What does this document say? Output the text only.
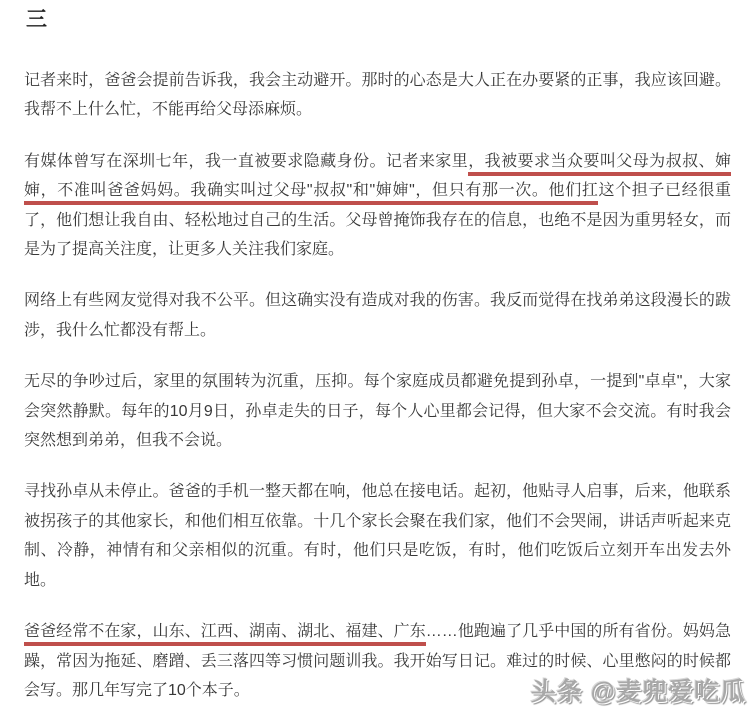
三

记者来时，爸爸会提前告诉我，我会主动避开。那时的心态是大人正在办要紧的正事，我应该回避。我帮不上什么忙，不能再给父母添麻烦。

有媒体曾写在深圳七年，我一直被要求隐藏身份。记者来家里，我被要求当众要叫父母为叔叔、婶婶，不准叫爸爸妈妈。我确实叫过父母"叔叔"和"婶婶"，但只有那一次。他们扛这个担子已经很重了，他们想让我自由、轻松地过自己的生活。父母曾掩饰我存在的信息，也绝不是因为重男轻女，而是为了提高关注度，让更多人关注我们家庭。

网络上有些网友觉得对我不公平。但这确实没有造成对我的伤害。我反而觉得在找弟弟这段漫长的跋涉，我什么忙都没有帮上。

无尽的争吵过后，家里的氛围转为沉重，压抑。每个家庭成员都避免提到孙卓，一提到"卓卓"，大家会突然静默。每年的10月9日，孙卓走失的日子，每个人心里都会记得，但大家不会交流。有时我会突然想到弟弟，但我不会说。

寻找孙卓从未停止。爸爸的手机一整天都在响，他总在接电话。起初，他贴寻人启事，后来，他联系被拐孩子的其他家长，和他们相互依靠。十几个家长会聚在我们家，他们不会哭闹，讲话声听起来克制、冷静，神情有和父亲相似的沉重。有时，他们只是吃饭，有时，他们吃饭后立刻开车出发去外地。

爸爸经常不在家，山东、江西、湖南、湖北、福建、广东……他跑遍了几乎中国的所有省份。妈妈急躁，常因为拖延、磨蹭、丢三落四等习惯问题训我。我开始写日记。难过的时候、心里憋闷的时候都会写。那几年写完了10个本子。	头条 @麦兜爱吃瓜
